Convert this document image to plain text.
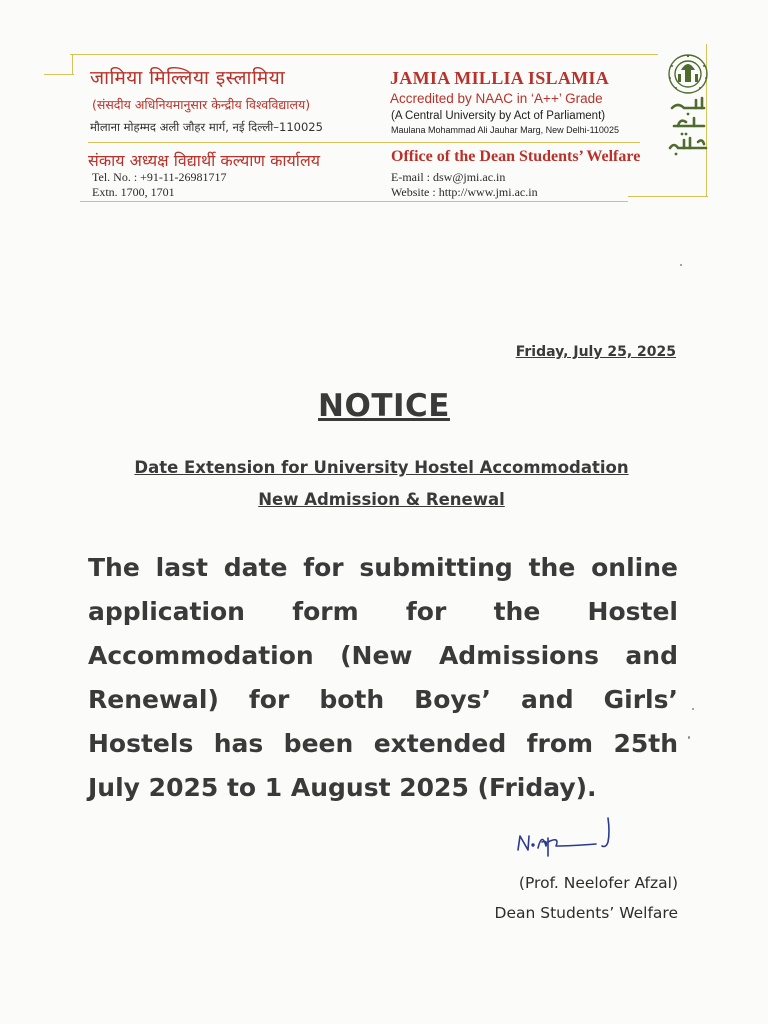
जामिया मिल्लिया इस्लामिया
(संसदीय अधिनियमानुसार केन्द्रीय विश्वविद्यालय)
मौलाना मोहम्मद अली जौहर मार्ग, नई दिल्ली–110025
संकाय अध्यक्ष विद्यार्थी कल्याण कार्यालय
Tel. No. : +91-11-26981717
Extn. 1700, 1701
JAMIA MILLIA ISLAMIA
Accredited by NAAC in ‘A++’ Grade
(A Central University by Act of Parliament)
Maulana Mohammad Ali Jauhar Marg, New Delhi-110025
Office of the Dean Students’ Welfare
E-mail : dsw@jmi.ac.in
Website : http://www.jmi.ac.in
Friday, July 25, 2025
NOTICE
Date Extension for University Hostel Accommodation
New Admission & Renewal
The last date for submitting the online application form for the Hostel Accommodation (New Admissions and Renewal) for both Boys’ and Girls’ Hostels has been extended from 25th July 2025 to 1 August 2025 (Friday).
(Prof. Neelofer Afzal)
Dean Students’ Welfare
